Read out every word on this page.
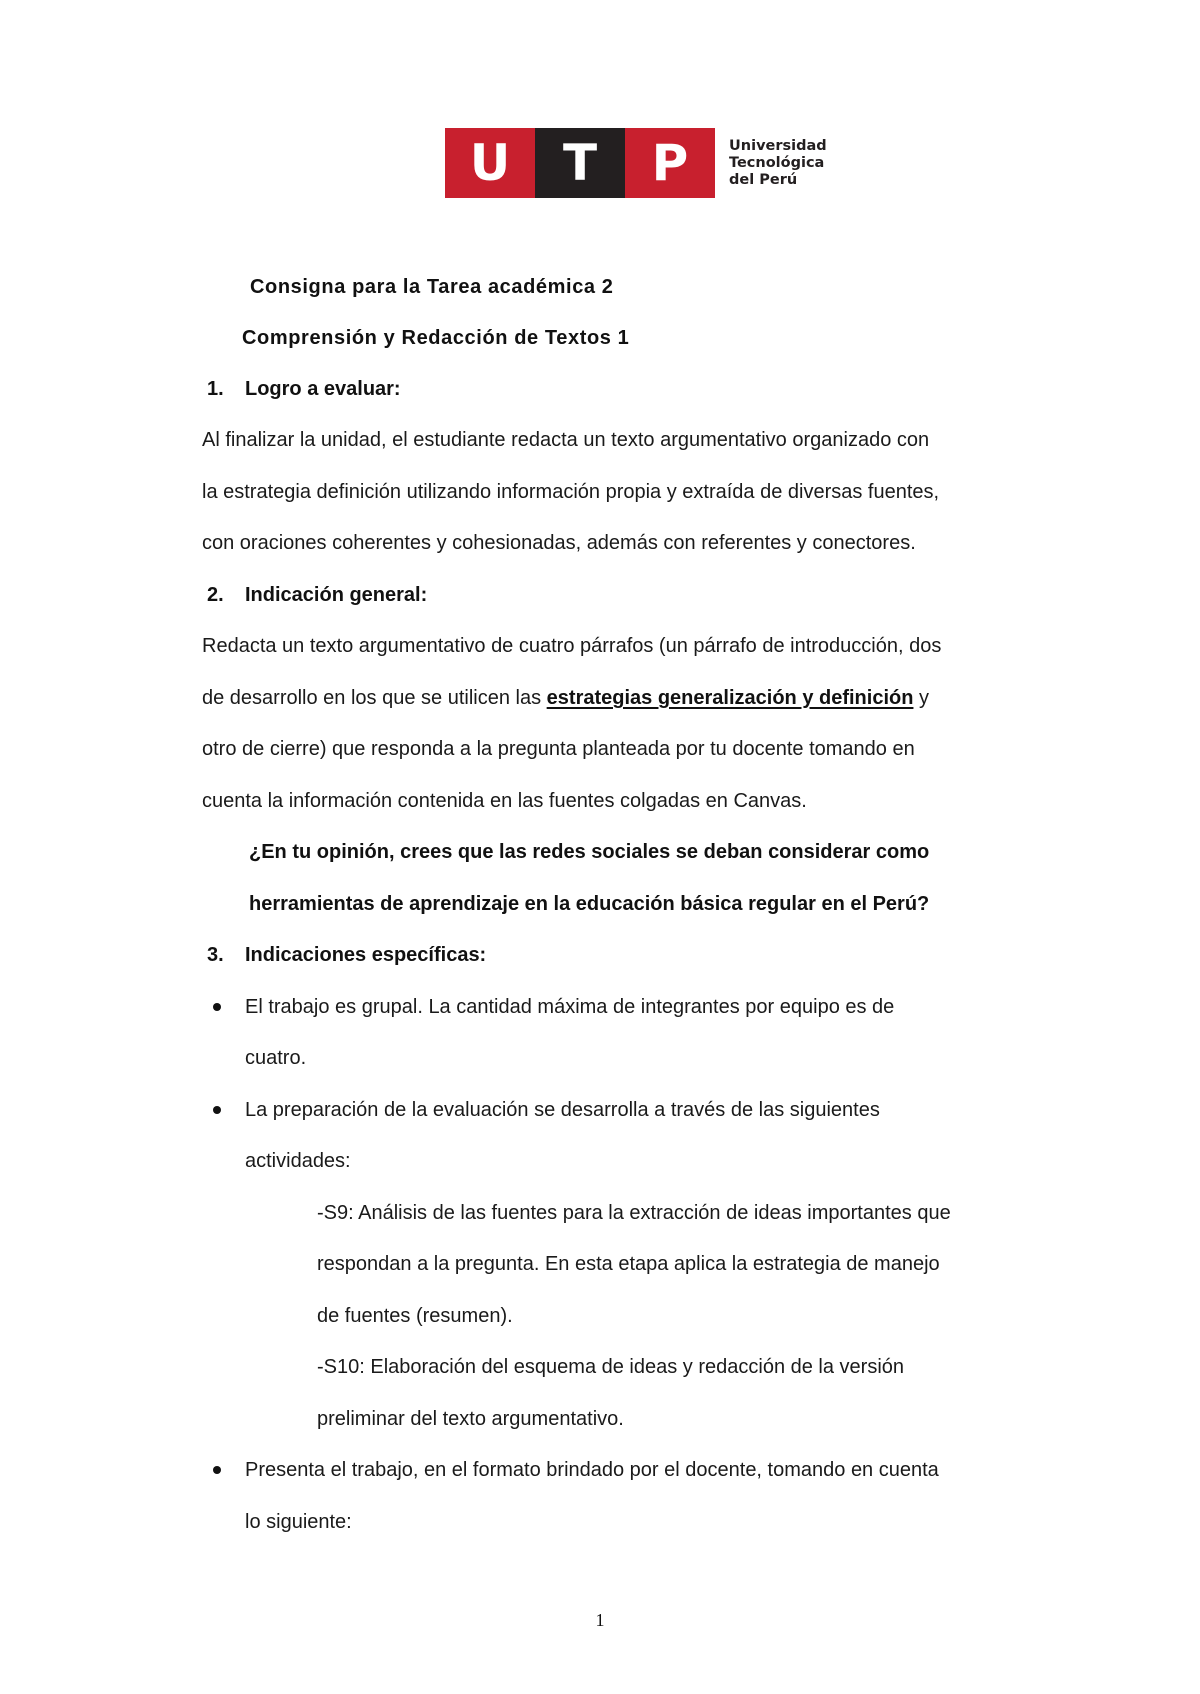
U	T	P	Universidad
Tecnológica
del Perú
Consigna para la Tarea académica 2
Comprensión y Redacción de Textos 1
1. Logro a evaluar:
Al finalizar la unidad, el estudiante redacta un texto argumentativo organizado con
la estrategia definición utilizando información propia y extraída de diversas fuentes,
con oraciones coherentes y cohesionadas, además con referentes y conectores.
2. Indicación general:
Redacta un texto argumentativo de cuatro párrafos (un párrafo de introducción, dos
de desarrollo en los que se utilicen las estrategias generalización y definición y
otro de cierre) que responda a la pregunta planteada por tu docente tomando en
cuenta la información contenida en las fuentes colgadas en Canvas.
¿En tu opinión, crees que las redes sociales se deban considerar como
herramientas de aprendizaje en la educación básica regular en el Perú?
3. Indicaciones específicas:
El trabajo es grupal. La cantidad máxima de integrantes por equipo es de
cuatro.
La preparación de la evaluación se desarrolla a través de las siguientes
actividades:
-S9: Análisis de las fuentes para la extracción de ideas importantes que
respondan a la pregunta. En esta etapa aplica la estrategia de manejo
de fuentes (resumen).
-S10: Elaboración del esquema de ideas y redacción de la versión
preliminar del texto argumentativo.
Presenta el trabajo, en el formato brindado por el docente, tomando en cuenta
lo siguiente:
1
